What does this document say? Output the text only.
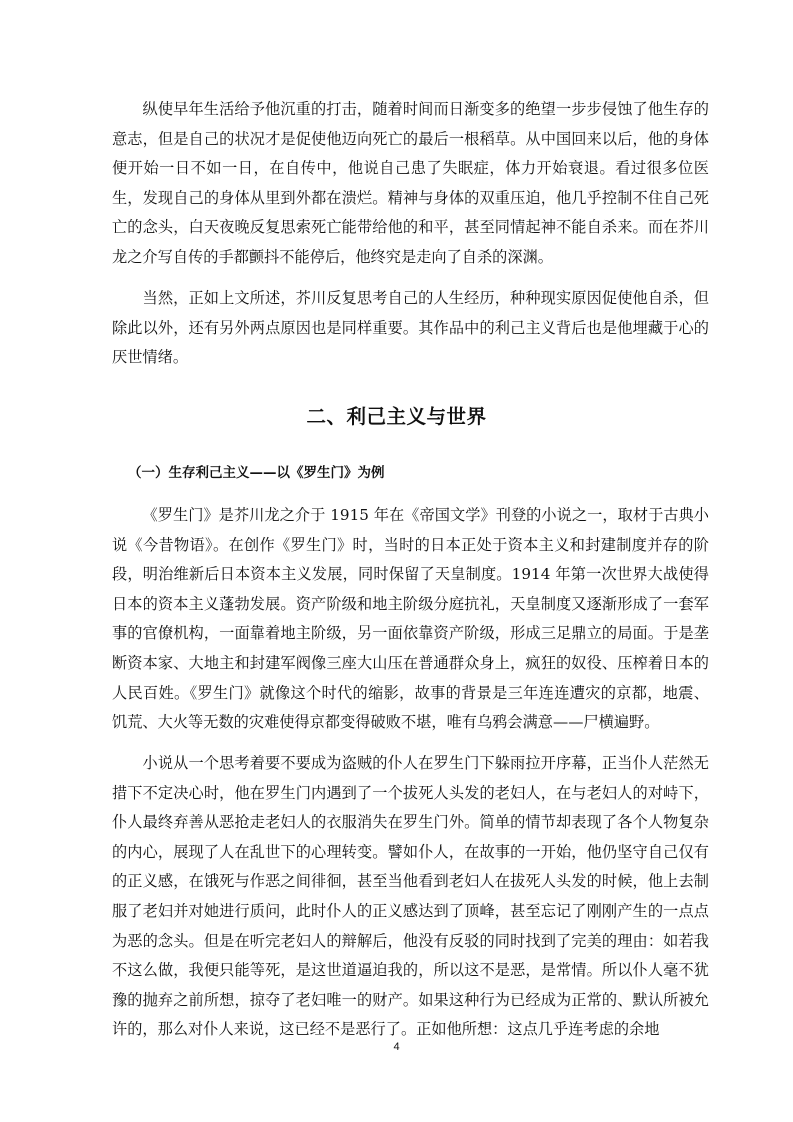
纵使早年生活给予他沉重的打击，随着时间而日渐变多的绝望一步步侵蚀了他生存的意志，但是自己的状况才是促使他迈向死亡的最后一根稻草。从中国回来以后，他的身体便开始一日不如一日，在自传中，他说自己患了失眠症，体力开始衰退。看过很多位医生，发现自己的身体从里到外都在溃烂。精神与身体的双重压迫，他几乎控制不住自己死亡的念头，白天夜晚反复思索死亡能带给他的和平，甚至同情起神不能自杀来。而在芥川龙之介写自传的手都颤抖不能停后，他终究是走向了自杀的深渊。

当然，正如上文所述，芥川反复思考自己的人生经历，种种现实原因促使他自杀，但除此以外，还有另外两点原因也是同样重要。其作品中的利己主义背后也是他埋藏于心的厌世情绪。

二、利己主义与世界
（一）生存利己主义——以《罗生门》为例

《罗生门》是芥川龙之介于 1915 年在《帝国文学》刊登的小说之一，取材于古典小说《今昔物语》。在创作《罗生门》时，当时的日本正处于资本主义和封建制度并存的阶段，明治维新后日本资本主义发展，同时保留了天皇制度。1914 年第一次世界大战使得日本的资本主义蓬勃发展。资产阶级和地主阶级分庭抗礼，天皇制度又逐渐形成了一套军事的官僚机构，一面靠着地主阶级，另一面依靠资产阶级，形成三足鼎立的局面。于是垄断资本家、大地主和封建军阀像三座大山压在普通群众身上，疯狂的奴役、压榨着日本的人民百姓。《罗生门》就像这个时代的缩影，故事的背景是三年连连遭灾的京都，地震、饥荒、大火等无数的灾难使得京都变得破败不堪，唯有乌鸦会满意——尸横遍野。

小说从一个思考着要不要成为盗贼的仆人在罗生门下躲雨拉开序幕，正当仆人茫然无措下不定决心时，他在罗生门内遇到了一个拔死人头发的老妇人，在与老妇人的对峙下，仆人最终弃善从恶抢走老妇人的衣服消失在罗生门外。简单的情节却表现了各个人物复杂的内心，展现了人在乱世下的心理转变。譬如仆人，在故事的一开始，他仍坚守自己仅有的正义感，在饿死与作恶之间徘徊，甚至当他看到老妇人在拔死人头发的时候，他上去制服了老妇并对她进行质问，此时仆人的正义感达到了顶峰，甚至忘记了刚刚产生的一点点为恶的念头。但是在听完老妇人的辩解后，他没有反驳的同时找到了完美的理由：如若我不这么做，我便只能等死，是这世道逼迫我的，所以这不是恶，是常情。所以仆人毫不犹豫的抛弃之前所想，掠夺了老妇唯一的财产。如果这种行为已经成为正常的、默认所被允许的，那么对仆人来说，这已经不是恶行了。正如他所想：这点几乎连考虑的余地

4
